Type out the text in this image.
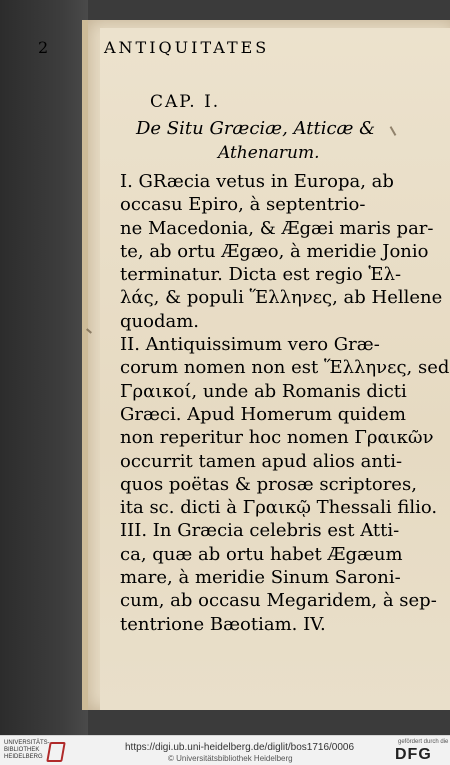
2	ANTIQUITATES
CAP. I.
De Situ Græciæ, Atticæ &
Athenarum.
I. GRæcia vetus in Europa, ab
occasu Epiro, à septentrio-
ne Macedonia, & Ægæi maris par-
te, ab ortu Ægæo, à meridie Jonio
terminatur. Dicta est regio Ἑλ-
λάς, & populi Ἕλληνες, ab Hellene
quodam.
II. Antiquissimum vero Græ-
corum nomen non est Ἕλληνες, sed
Γραικοί, unde ab Romanis dicti
Græci. Apud Homerum quidem
non reperitur hoc nomen Γραικῶν
occurrit tamen apud alios anti-
quos poëtas & prosæ scriptores,
ita sc. dicti à Γραικῷ Thessali filio.
III. In Græcia celebris est Atti-
ca, quæ ab ortu habet Ægæum
mare, à meridie Sinum Saroni-
cum, ab occasu Megaridem, à sep-
tentrione Bæotiam. IV.
UNIVERSITÄTS-
BIBLIOTHEK
HEIDELBERG
https://digi.ub.uni-heidelberg.de/diglit/bos1716/0006
© Universitätsbibliothek Heidelberg
gefördert durch die
DFG
